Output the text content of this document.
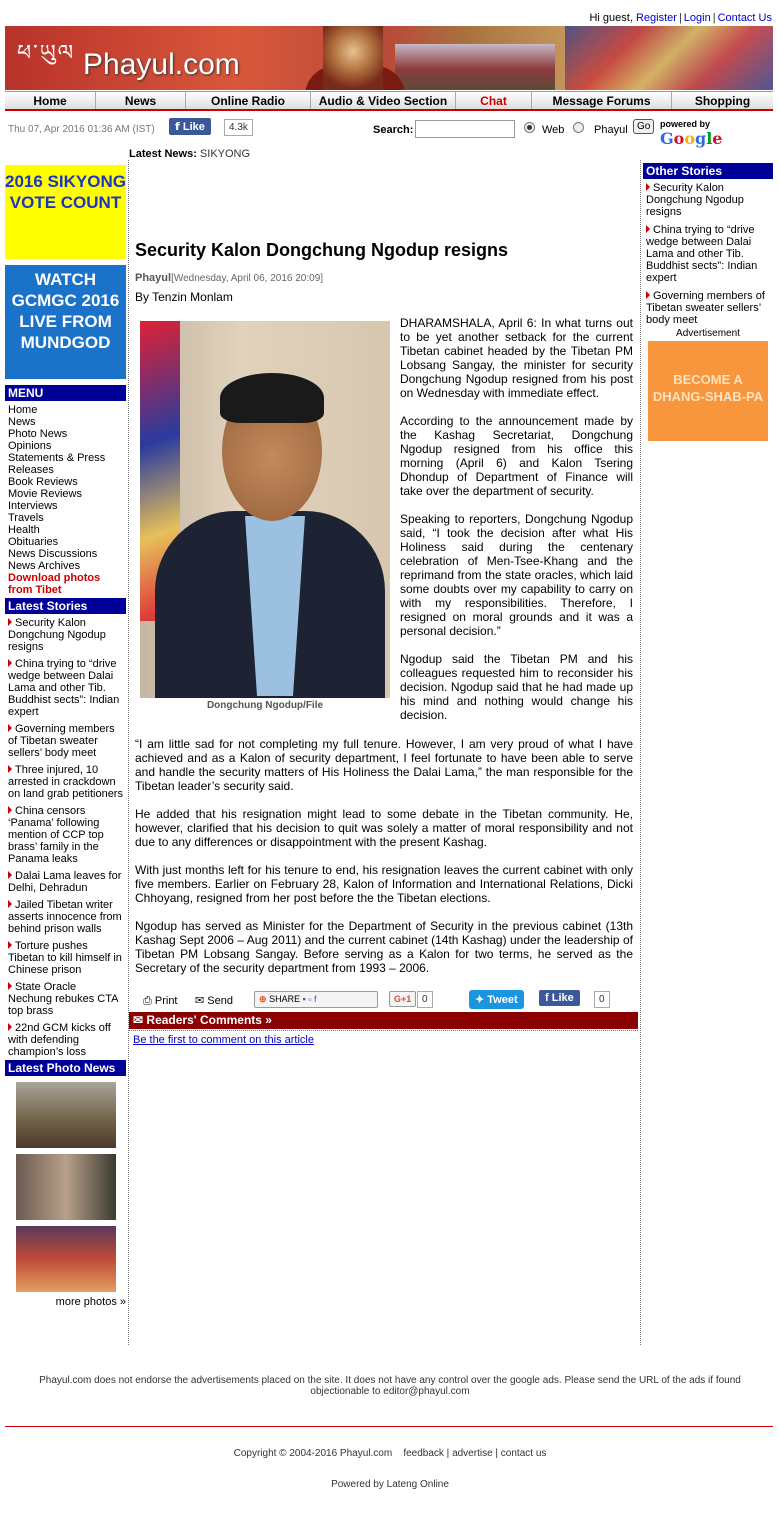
Hi guest, Register | Login | Contact Us
ཕ་ཡུལ Phayul.com
Home	News	Online Radio	Audio & Video Section	Chat	Message Forums	Shopping
Thu 07, Apr 2016 01:36 AM (IST)	f Like	4.3k	Search:	Web	Phayul Go	powered by Google
Latest News: SIKYONG
2016 SIKYONG VOTE COUNT
WATCH GCMGC 2016 LIVE FROM MUNDGOD
MENU
Home
News
Photo News
Opinions
Statements & Press Releases
Book Reviews
Movie Reviews
Interviews
Travels
Health
Obituaries
News Discussions
News Archives
Download photos from Tibet
Latest Stories
Security Kalon Dongchung Ngodup resigns
China trying to “drive wedge between Dalai Lama and other Tib. Buddhist sects”: Indian expert
Governing members of Tibetan sweater sellers’ body meet
Three injured, 10 arrested in crackdown on land grab petitioners
China censors ‘Panama’ following mention of CCP top brass’ family in the Panama leaks
Dalai Lama leaves for Delhi, Dehradun
Jailed Tibetan writer asserts innocence from behind prison walls
Torture pushes Tibetan to kill himself in Chinese prison
State Oracle Nechung rebukes CTA top brass
22nd GCM kicks off with defending champion’s loss
Latest Photo News
more photos »
Security Kalon Dongchung Ngodup resigns
Phayul[Wednesday, April 06, 2016 20:09]
By Tenzin Monlam
Dongchung Ngodup/File

DHARAMSHALA, April 6: In what turns out to be yet another setback for the current Tibetan cabinet headed by the Tibetan PM Lobsang Sangay, the minister for security Dongchung Ngodup resigned from his post on Wednesday with immediate effect.

According to the announcement made by the Kashag Secretariat, Dongchung Ngodup resigned from his office this morning (April 6) and Kalon Tsering Dhondup of Department of Finance will take over the department of security.

Speaking to reporters, Dongchung Ngodup said, “I took the decision after what His Holiness said during the centenary celebration of Men-Tsee-Khang and the reprimand from the state oracles, which laid some doubts over my capability to carry on with my responsibilities. Therefore, I resigned on moral grounds and it was a personal decision.”

Ngodup said the Tibetan PM and his colleagues requested him to reconsider his decision. Ngodup said that he had made up his mind and nothing would change his decision.

“I am little sad for not completing my full tenure. However, I am very proud of what I have achieved and as a Kalon of security department, I feel fortunate to have been able to serve and handle the security matters of His Holiness the Dalai Lama,” the man responsible for the Tibetan leader’s security said.

He added that his resignation might lead to some debate in the Tibetan community. He, however, clarified that his decision to quit was solely a matter of moral responsibility and not due to any differences or disappointment with the present Kashag.

With just months left for his tenure to end, his resignation leaves the current cabinet with only five members. Earlier on February 28, Kalon of Information and International Relations, Dicki Chhoyang, resigned from her post before the the Tibetan elections.

Ngodup has served as Minister for the Department of Security in the previous cabinet (13th Kashag Sept 2006 – Aug 2011) and the current cabinet (14th Kashag) under the leadership of Tibetan PM Lobsang Sangay. Before serving as a Kalon for two terms, he served as the Secretary of the security department from 1993 – 2006.

⎙ Print ✉ Send	⊕ SHARE ▪ ▫ f	G+1	0	✦ Tweet	f Like	0
✉ Readers' Comments »
Be the first to comment on this article
Other Stories
Security Kalon Dongchung Ngodup resigns
China trying to “drive wedge between Dalai Lama and other Tib. Buddhist sects”: Indian expert
Governing members of Tibetan sweater sellers’ body meet
Advertisement
BECOME A DHANG-SHAB-PA
Phayul.com does not endorse the advertisements placed on the site. It does not have any control over the google ads. Please send the URL of the ads if found objectionable to editor@phayul.com
Copyright © 2004-2016 Phayul.com feedback | advertise | contact us
Powered by Lateng Online
